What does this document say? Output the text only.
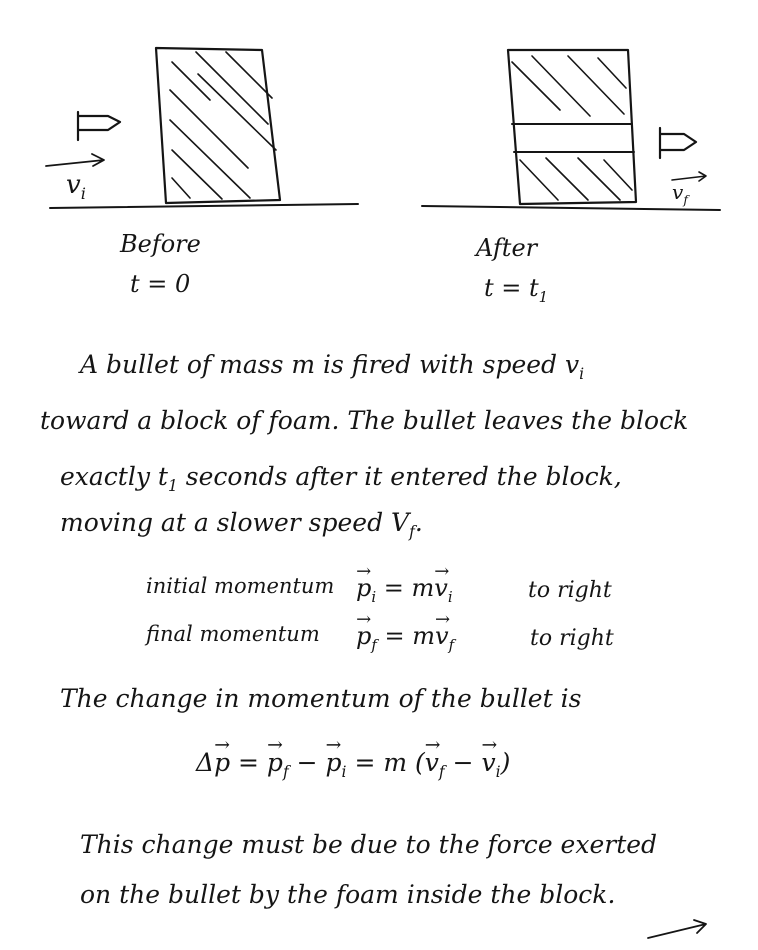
$v_i$	$v_f$
Before
t = 0
After
$t = t_1$
A bullet of mass m is fired with speed $v_i$
toward a block of foam. The bullet leaves the block
exactly $t_1$ seconds after it entered the block,
moving at a slower speed $V_f$.
initial momentum → $p_i = m\to v_i$	to right
final momentum → $p_f = m\to v_f$	to right
The change in momentum of the bullet is
Δ→ p = → $p_f$ − → $p_i = m$ (→ $v_f$ − → $v_i$)
This change must be due to the force exerted
on the bullet by the foam inside the block.
